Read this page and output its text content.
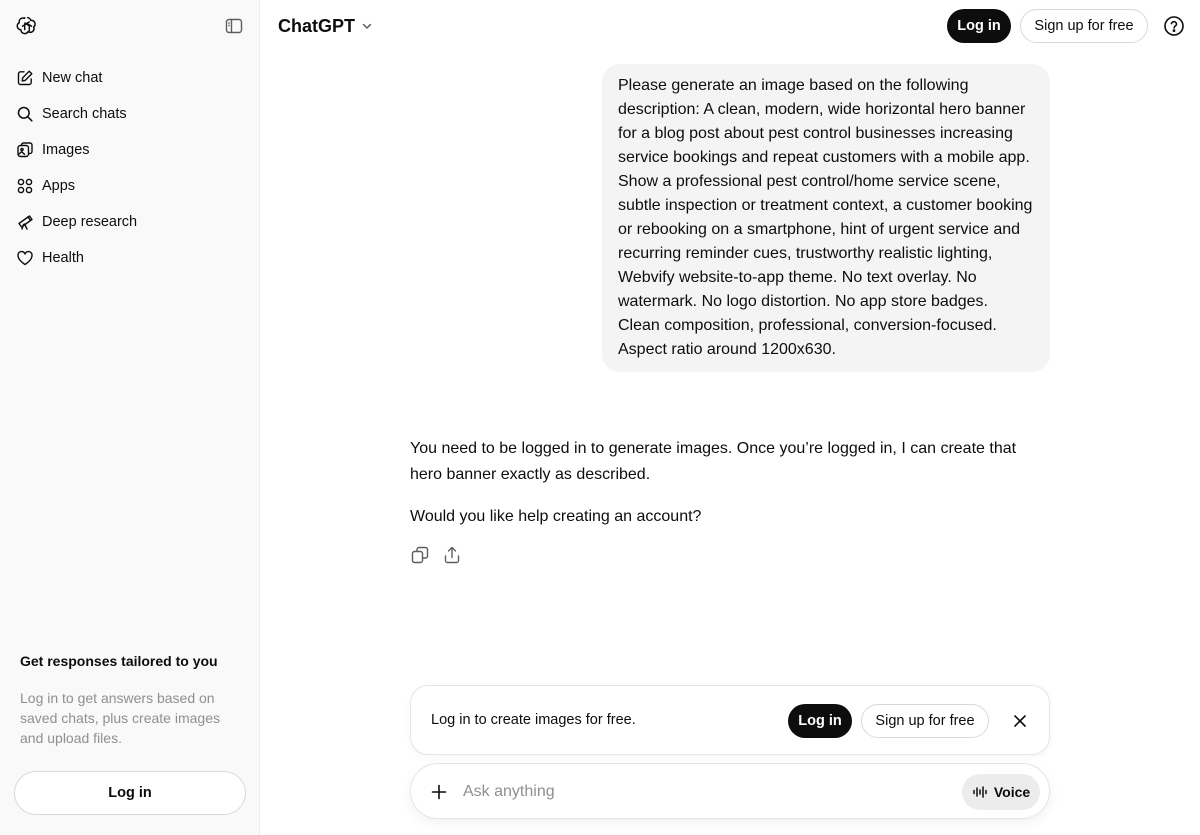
New chat
Search chats
Images
Apps
Deep research
Health
Get responses tailored to you
Log in to get answers based on saved chats, plus create images and upload files.
Log in
ChatGPT	Log in	Sign up for free
Please generate an image based on the following description: A clean, modern, wide horizontal hero banner for a blog post about pest control businesses increasing service bookings and repeat customers with a mobile app. Show a professional pest control/home service scene, subtle inspection or treatment context, a customer booking or rebooking on a smartphone, hint of urgent service and recurring reminder cues, trustworthy realistic lighting, Webvify website-to-app theme. No text overlay. No watermark. No logo distortion. No app store badges. Clean composition, professional, conversion-focused. Aspect ratio around 1200x630.

You need to be logged in to generate images. Once you’re logged in, I can create that hero banner exactly as described.

Would you like help creating an account?

Log in to create images for free.	Log in	Sign up for free
Ask anything
Voice
